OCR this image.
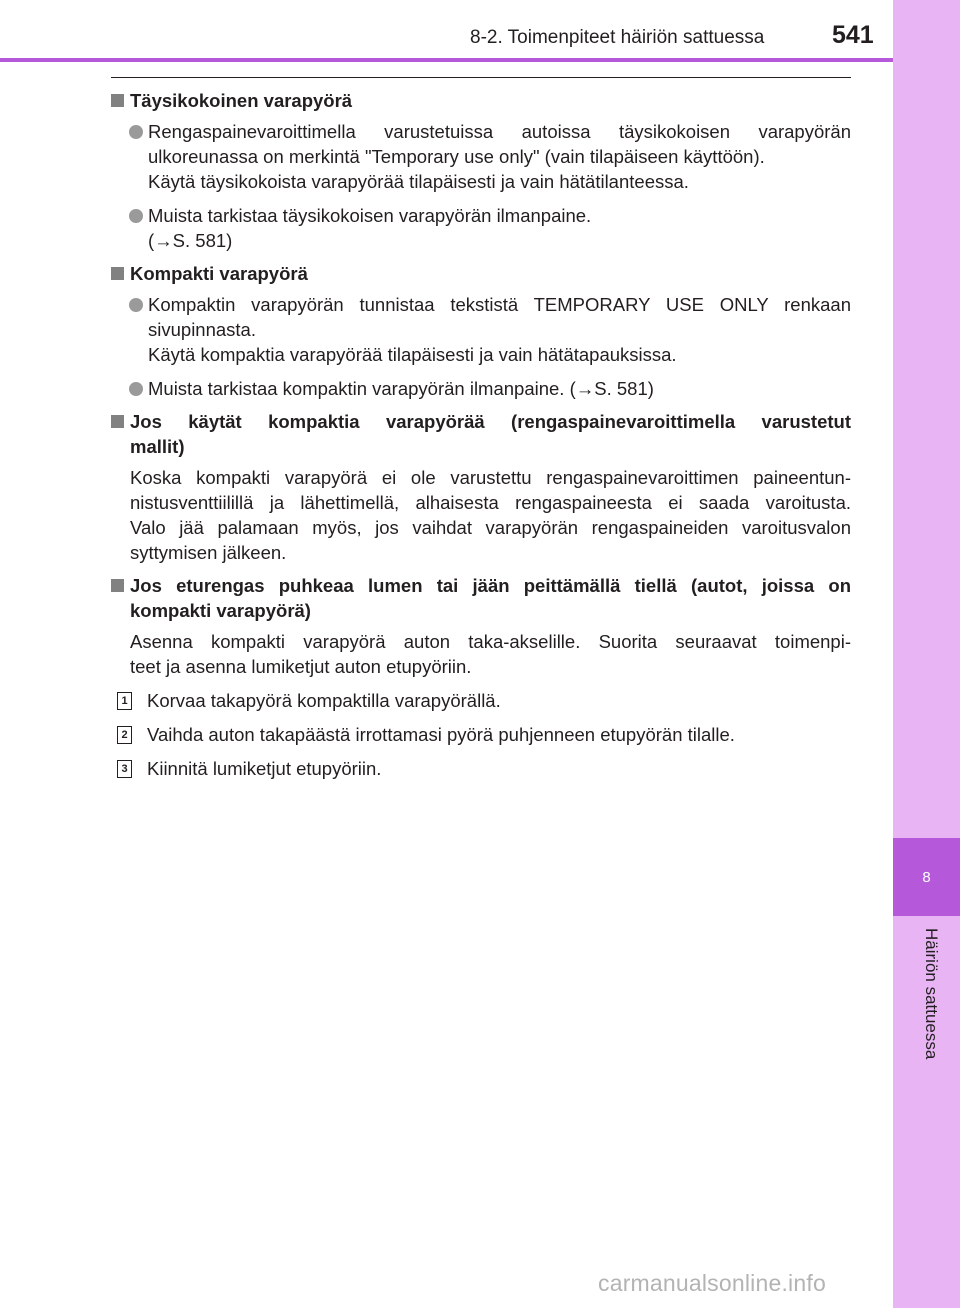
8
Häiriön sattuessa
8-2. Toimenpiteet häiriön sattuessa	541
Täysikokoinen varapyörä
Rengaspainevaroittimella varustetuissa autoissa täysikokoisen varapyörän
ulkoreunassa on merkintä "Temporary use only" (vain tilapäiseen käyttöön).
Käytä täysikokoista varapyörää tilapäisesti ja vain hätätilanteessa.
Muista tarkistaa täysikokoisen varapyörän ilmanpaine.
(→S. 581)
Kompakti varapyörä
Kompaktin varapyörän tunnistaa tekstistä TEMPORARY USE ONLY renkaan
sivupinnasta.
Käytä kompaktia varapyörää tilapäisesti ja vain hätätapauksissa.
Muista tarkistaa kompaktin varapyörän ilmanpaine. (→S. 581)
Jos käytät kompaktia varapyörää (rengaspainevaroittimella varustetut
mallit)
Koska kompakti varapyörä ei ole varustettu rengaspainevaroittimen paineentun-
nistusventtiilillä ja lähettimellä, alhaisesta rengaspaineesta ei saada varoitusta.
Valo jää palamaan myös, jos vaihdat varapyörän rengaspaineiden varoitusvalon
syttymisen jälkeen.
Jos eturengas puhkeaa lumen tai jään peittämällä tiellä (autot, joissa on
kompakti varapyörä)
Asenna kompakti varapyörä auton taka-akselille. Suorita seuraavat toimenpi-
teet ja asenna lumiketjut auton etupyöriin.
1 Korvaa takapyörä kompaktilla varapyörällä.
2 Vaihda auton takapäästä irrottamasi pyörä puhjenneen etupyörän tilalle.
3 Kiinnitä lumiketjut etupyöriin.
carmanualsonline.info
